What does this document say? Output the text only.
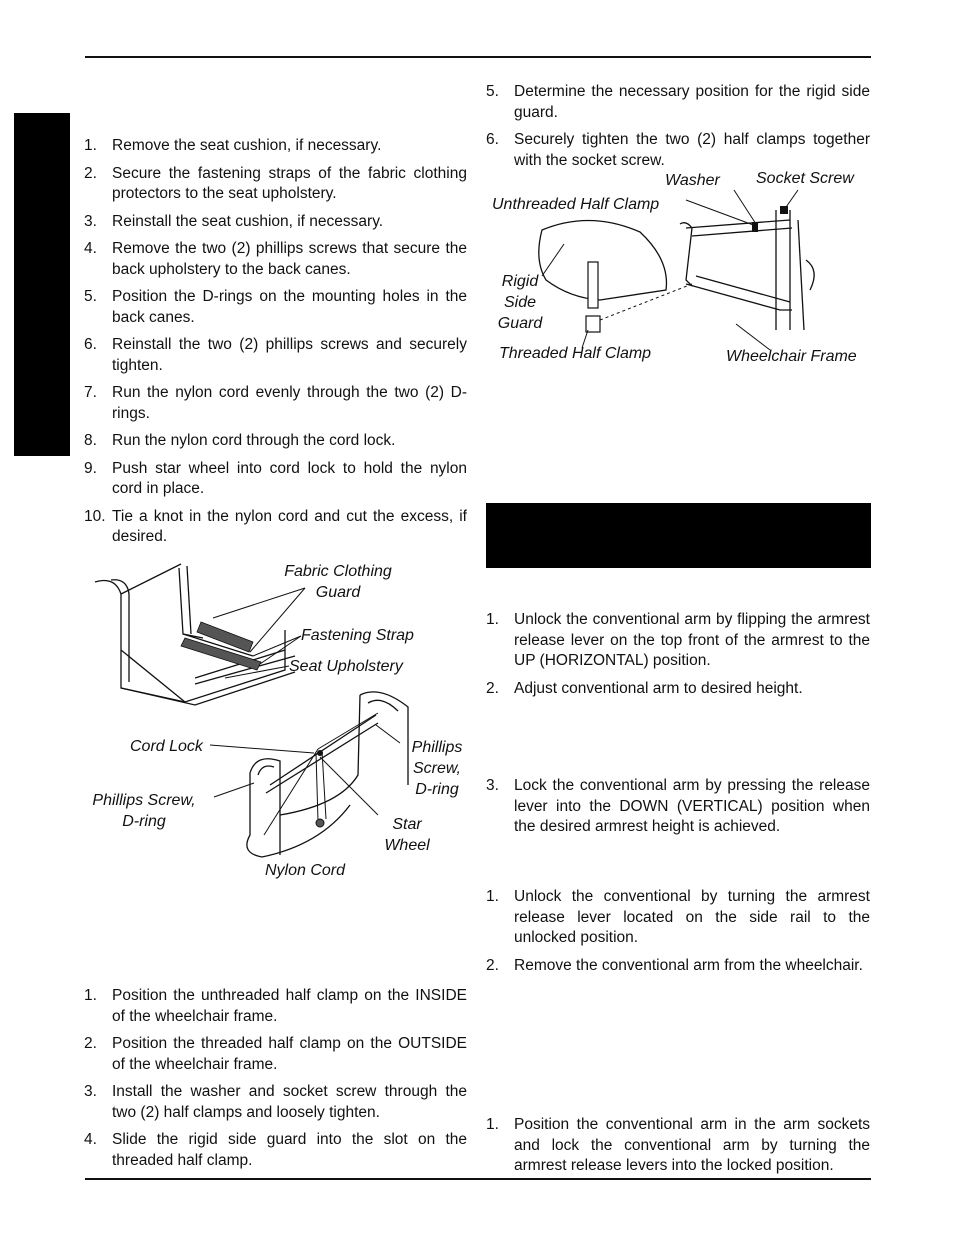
1. Remove the seat cushion, if necessary.
2. Secure the fastening straps of the fabric clothing protectors to the seat upholstery.
3. Reinstall the seat cushion, if necessary.
4. Remove the two (2) phillips screws that secure the back upholstery to the back canes.
5. Position the D-rings on the mounting holes in the back canes.
6. Reinstall the two (2) phillips screws and securely tighten.
7. Run the nylon cord evenly through the two (2) D-rings.
8. Run the nylon cord through the cord lock.
9. Push star wheel into cord lock to hold the nylon cord in place.
10. Tie a knot in the nylon cord and cut the excess, if desired.
1. Position the unthreaded half clamp on the INSIDE of the wheelchair frame.
2. Position the threaded half clamp on the OUTSIDE of the wheelchair frame.
3. Install the washer and socket screw through the two (2) half clamps and loosely tighten.
4. Slide the rigid side guard into the slot on the threaded half clamp.
5. Determine the necessary position for the rigid side guard.
6. Securely tighten the two (2) half clamps together with the socket screw.
1. Unlock the conventional arm by flipping the armrest release lever on the top front of the armrest to the UP (HORIZONTAL) position.
2. Adjust conventional arm to desired height.
3. Lock the conventional arm by pressing the release lever into the DOWN (VERTICAL) position when the desired armrest height is achieved.
1. Unlock the conventional by turning the armrest release lever located on the side rail to the unlocked position.
2. Remove the conventional arm from the wheelchair.
1. Position the conventional arm in the arm sockets and lock the conventional arm by turning the armrest release levers into the locked position.
Fabric Clothing
Guard
Fastening Strap
Seat Upholstery
Cord Lock	Phillips
Screw,
D-ring
Phillips Screw,
D-ring	Star
Wheel
Nylon Cord
Washer Socket Screw
Unthreaded Half Clamp
Rigid
Side
Guard
Threaded Half Clamp	Wheelchair Frame
